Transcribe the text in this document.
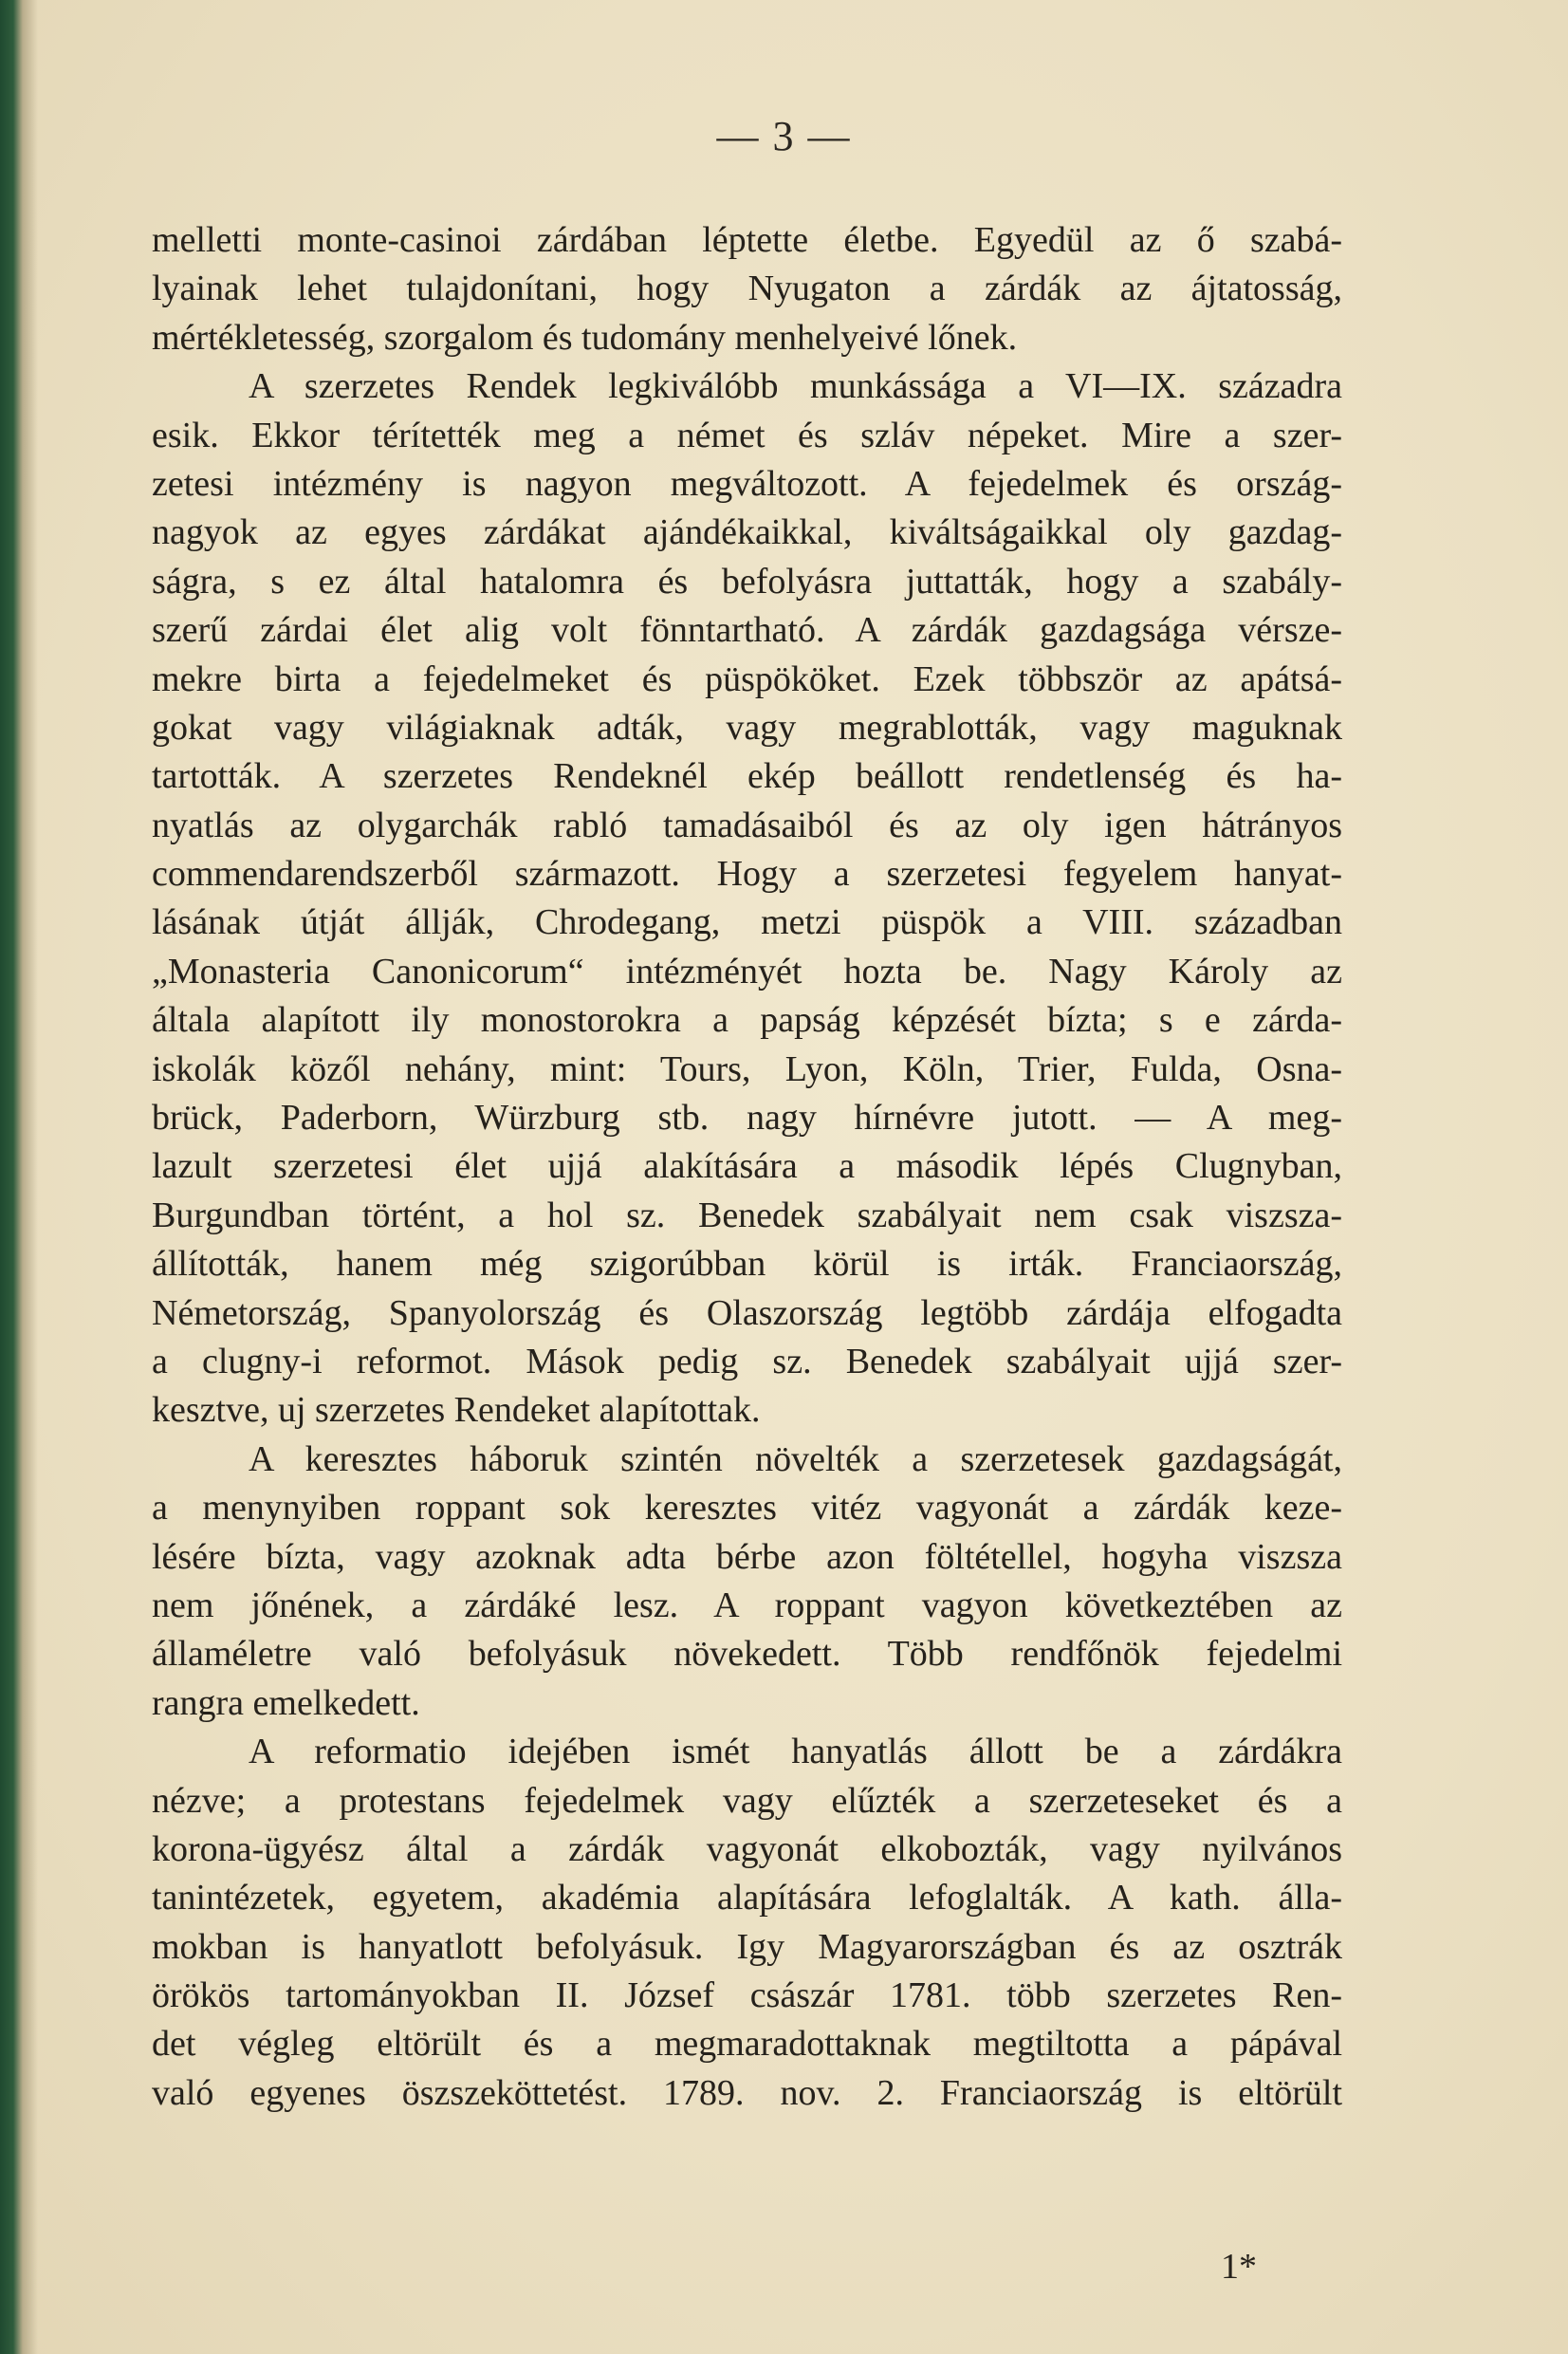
— 3 —
melletti monte-casinoi zárdában léptette életbe. Egyedül az ő szabá-
lyainak lehet tulajdonítani, hogy Nyugaton a zárdák az ájtatosság,
mértékletesség, szorgalom és tudomány menhelyeivé lőnek.
A szerzetes Rendek legkiválóbb munkássága a VI—IX. századra
esik. Ekkor térítették meg a német és szláv népeket. Mire a szer-
zetesi intézmény is nagyon megváltozott. A fejedelmek és ország-
nagyok az egyes zárdákat ajándékaikkal, kiváltságaikkal oly gazdag-
ságra, s ez által hatalomra és befolyásra juttatták, hogy a szabály-
szerű zárdai élet alig volt fönntartható. A zárdák gazdagsága vérsze-
mekre birta a fejedelmeket és püspököket. Ezek többször az apátsá-
gokat vagy világiaknak adták, vagy megrablották, vagy maguknak
tartották. A szerzetes Rendeknél ekép beállott rendetlenség és ha-
nyatlás az olygarchák rabló tamadásaiból és az oly igen hátrányos
commendarendszerből származott. Hogy a szerzetesi fegyelem hanyat-
lásának útját állják, Chrodegang, metzi püspök a VIII. században
„Monasteria Canonicorum“ intézményét hozta be. Nagy Károly az
általa alapított ily monostorokra a papság képzését bízta; s e zárda-
iskolák közől nehány, mint: Tours, Lyon, Köln, Trier, Fulda, Osna-
brück, Paderborn, Würzburg stb. nagy hírnévre jutott. — A meg-
lazult szerzetesi élet ujjá alakítására a második lépés Clugnyban,
Burgundban történt, a hol sz. Benedek szabályait nem csak viszsza-
állították, hanem még szigorúbban körül is irták. Franciaország,
Németország, Spanyolország és Olaszország legtöbb zárdája elfogadta
a clugny-i reformot. Mások pedig sz. Benedek szabályait ujjá szer-
kesztve, uj szerzetes Rendeket alapítottak.
A keresztes háboruk szintén növelték a szerzetesek gazdagságát,
a menynyiben roppant sok keresztes vitéz vagyonát a zárdák keze-
lésére bízta, vagy azoknak adta bérbe azon föltétellel, hogyha viszsza
nem jőnének, a zárdáké lesz. A roppant vagyon következtében az
államéletre való befolyásuk növekedett. Több rendfőnök fejedelmi
rangra emelkedett.
A reformatio idejében ismét hanyatlás állott be a zárdákra
nézve; a protestans fejedelmek vagy elűzték a szerzeteseket és a
korona-ügyész által a zárdák vagyonát elkobozták, vagy nyilvános
tanintézetek, egyetem, akadémia alapítására lefoglalták. A kath. álla-
mokban is hanyatlott befolyásuk. Igy Magyarországban és az osztrák
örökös tartományokban II. József császár 1781. több szerzetes Ren-
det végleg eltörült és a megmaradottaknak megtiltotta a pápával
való egyenes öszszeköttetést. 1789. nov. 2. Franciaország is eltörült
1*
